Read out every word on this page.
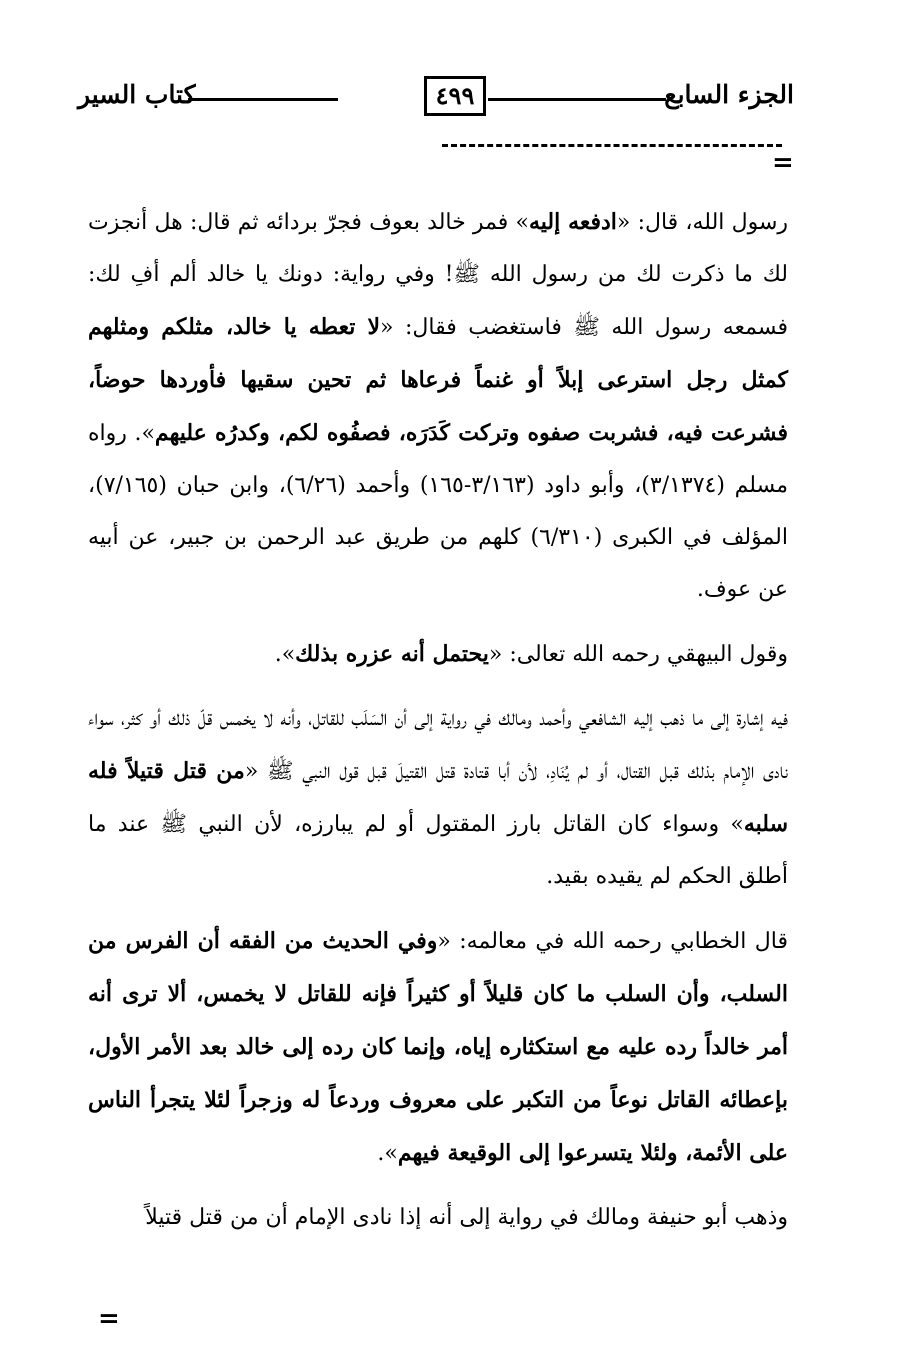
الجزء السابع
٤٩٩
كتاب السير
=

رسول الله، قال: «ادفعه إليه» فمر خالد بعوف فجرّ بردائه ثم قال: هل أنجزت لك ما ذكرت لك من رسول الله ﷺ! وفي رواية: دونك يا خالد ألم أفِ لك: فسمعه رسول الله ﷺ فاستغضب فقال: «لا تعطه يا خالد، مثلكم ومثلهم كمثل رجل استرعى إبلاً أو غنماً فرعاها ثم تحين سقيها فأوردها حوضاً، فشرعت فيه، فشربت صفوه وتركت كَدَرَه، فصفُوه لكم، وكدرُه عليهم». رواه مسلم (٣/١٣٧٤)، وأبو داود (٣/١٦٣-١٦٥) وأحمد (٦/٢٦)، وابن حبان (٧/١٦٥)، المؤلف في الكبرى (٦/٣١٠) كلهم من طريق عبد الرحمن بن جبير، عن أبيه عن عوف.

وقول البيهقي رحمه الله تعالى: «يحتمل أنه عزره بذلك».

فيه إشارة إلى ما ذهب إليه الشافعي وأحمد ومالك في رواية إلى أن السَلَب للقاتل، وأنه لا يخمس قلّ ذلك أو كثر، سواء نادى الإمام بذلك قبل القتال، أو لم يُنَادِ، لأن أبا قتادة قتل القتيلَ قبل قول النبي ﷺ «من قتل قتيلاً فله سلبه» وسواء كان القاتل بارز المقتول أو لم يبارزه، لأن النبي ﷺ عند ما أطلق الحكم لم يقيده بقيد.

قال الخطابي رحمه الله في معالمه: «وفي الحديث من الفقه أن الفرس من السلب، وأن السلب ما كان قليلاً أو كثيراً فإنه للقاتل لا يخمس، ألا ترى أنه أمر خالداً رده عليه مع استكثاره إياه، وإنما كان رده إلى خالد بعد الأمر الأول، بإعطائه القاتل نوعاً من التكبر على معروف وردعاً له وزجراً لئلا يتجرأ الناس على الأئمة، ولئلا يتسرعوا إلى الوقيعة فيهم».

وذهب أبو حنيفة ومالك في رواية إلى أنه إذا نادى الإمام أن من قتل قتيلاً

=
